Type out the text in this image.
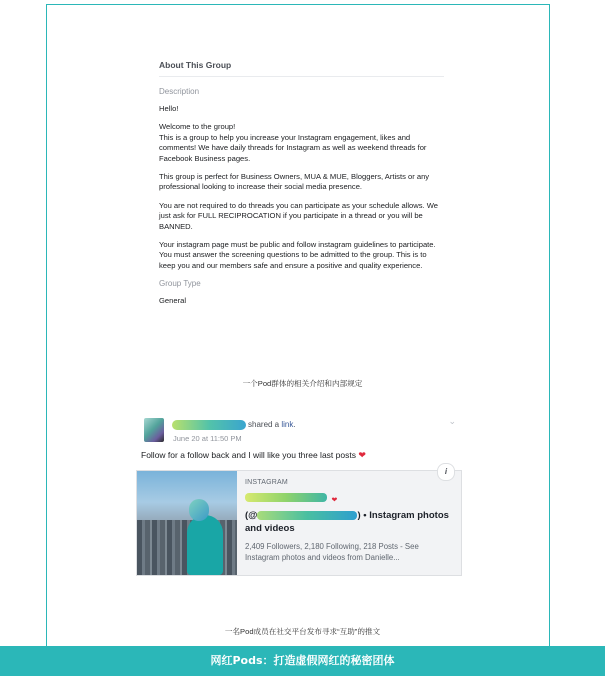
About This Group
Description

Hello!

Welcome to the group!
This is a group to help you increase your Instagram engagement, likes and comments! We have daily threads for Instagram as well as weekend threads for Facebook Business pages.

This group is perfect for Business Owners, MUA & MUE, Bloggers, Artists or any professional looking to increase their social media presence.

You are not required to do threads you can participate as your schedule allows. We just ask for FULL RECIPROCATION if you participate in a thread or you will be BANNED.

Your instagram page must be public and follow instagram guidelines to participate. You must answer the screening questions to be admitted to the group. This is to keep you and our members safe and ensure a positive and quality experience.

Group Type
General
一个Pod群体的相关介绍和内部规定
shared a link.
June 20 at 11:50 PM
⌄
Follow for a follow back and I will like you three last posts ❤
INSTAGRAM
❤
(@	) • Instagram photos and videos
2,409 Followers, 2,180 Following, 218 Posts - See Instagram photos and videos from Danielle...
i
一名Pod成员在社交平台发布寻求“互助”的推文
网红Pods：打造虚假网红的秘密团体
